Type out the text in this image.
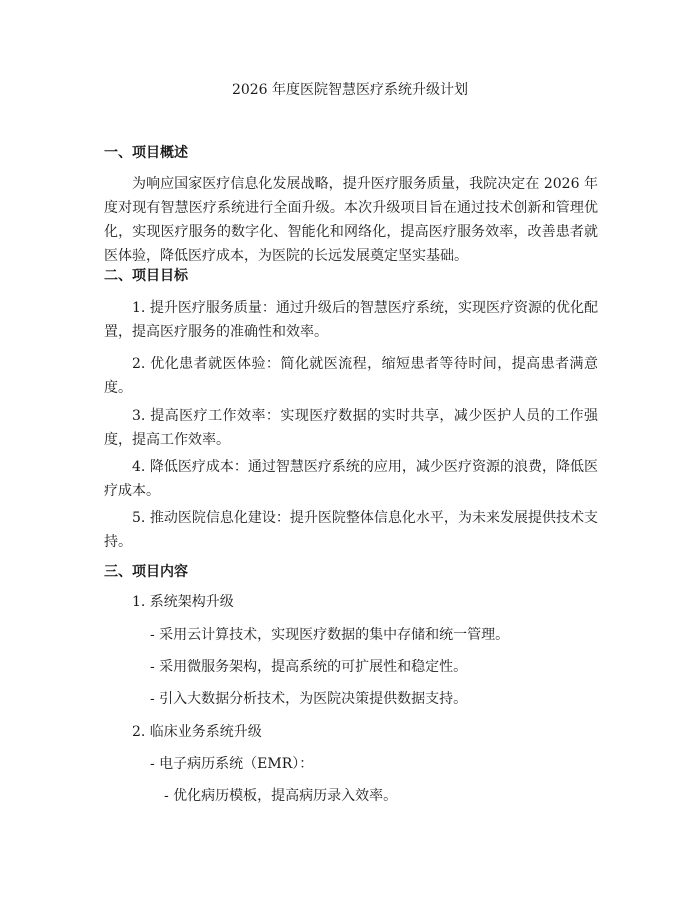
2026 年度医院智慧医疗系统升级计划
一、项目概述

为响应国家医疗信息化发展战略，提升医疗服务质量，我院决定在 2026 年度对现有智慧医疗系统进行全面升级。本次升级项目旨在通过技术创新和管理优化，实现医疗服务的数字化、智能化和网络化，提高医疗服务效率，改善患者就医体验，降低医疗成本，为医院的长远发展奠定坚实基础。

二、项目目标

1. 提升医疗服务质量：通过升级后的智慧医疗系统，实现医疗资源的优化配置，提高医疗服务的准确性和效率。

2. 优化患者就医体验：简化就医流程，缩短患者等待时间，提高患者满意度。

3. 提高医疗工作效率：实现医疗数据的实时共享，减少医护人员的工作强度，提高工作效率。

4. 降低医疗成本：通过智慧医疗系统的应用，减少医疗资源的浪费，降低医疗成本。

5. 推动医院信息化建设：提升医院整体信息化水平，为未来发展提供技术支持。

三、项目内容
1. 系统架构升级
- 采用云计算技术，实现医疗数据的集中存储和统一管理。
- 采用微服务架构，提高系统的可扩展性和稳定性。
- 引入大数据分析技术，为医院决策提供数据支持。
2. 临床业务系统升级
- 电子病历系统（EMR）：
- 优化病历模板，提高病历录入效率。
